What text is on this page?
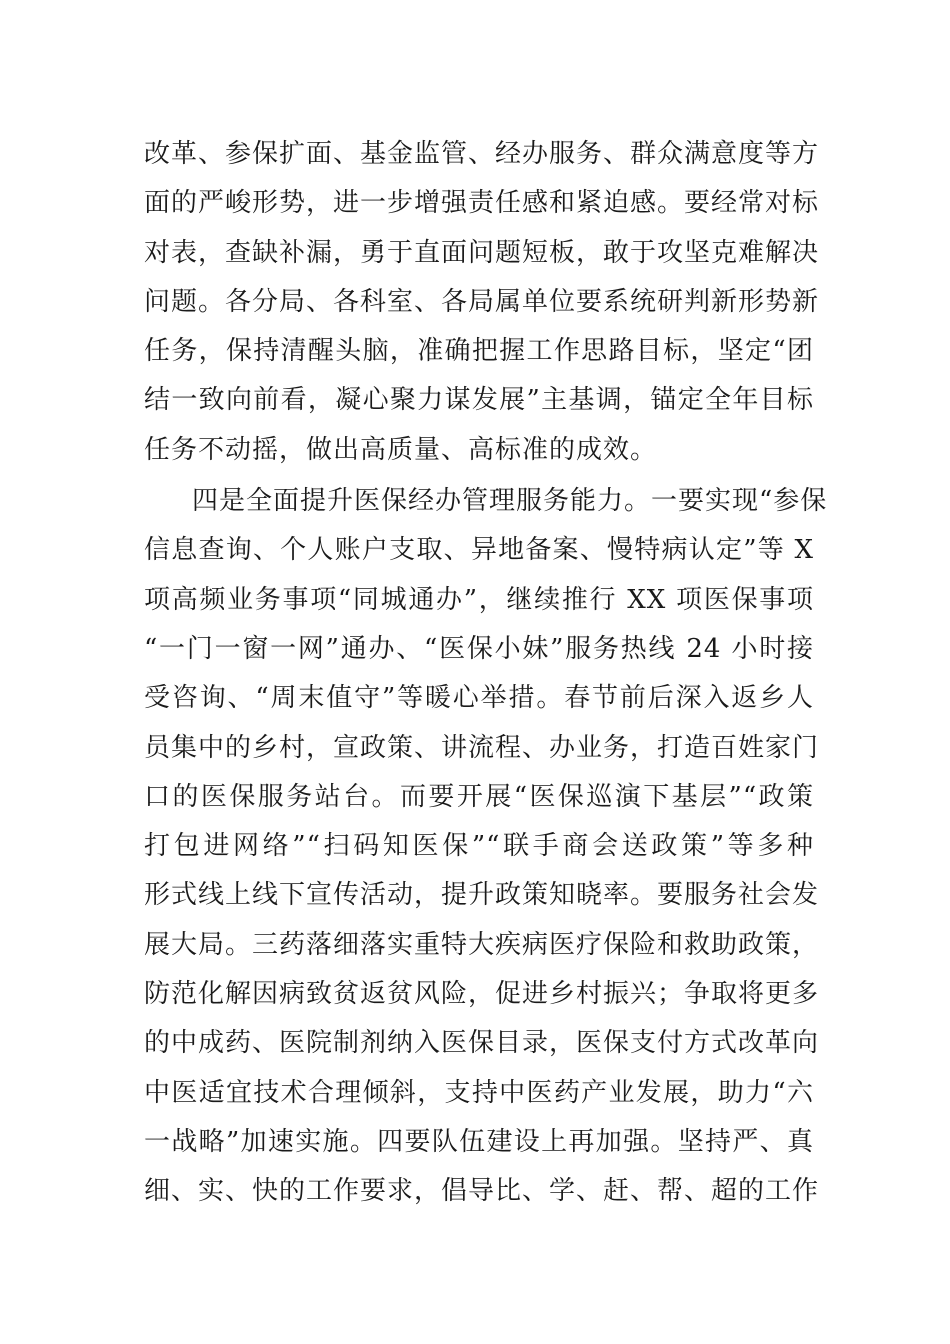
改革、参保扩面、基金监管、经办服务、群众满意度等方
面的严峻形势，进一步增强责任感和紧迫感。要经常对标
对表，查缺补漏，勇于直面问题短板，敢于攻坚克难解决
问题。各分局、各科室、各局属单位要系统研判新形势新
任务，保持清醒头脑，准确把握工作思路目标，坚定“团
结一致向前看，凝心聚力谋发展”主基调，锚定全年目标
任务不动摇，做出高质量、高标准的成效。
四是全面提升医保经办管理服务能力。一要实现“参保
信息查询、个人账户支取、异地备案、慢特病认定”等 X
项高频业务事项“同城通办”，继续推行 XX 项医保事项
“一门一窗一网”通办、“医保小妹”服务热线 24 小时接
受咨询、“周末值守”等暖心举措。春节前后深入返乡人
员集中的乡村，宣政策、讲流程、办业务，打造百姓家门
口的医保服务站台。而要开展“医保巡演下基层”“政策
打包进网络”“扫码知医保”“联手商会送政策”等多种
形式线上线下宣传活动，提升政策知晓率。要服务社会发
展大局。三药落细落实重特大疾病医疗保险和救助政策，
防范化解因病致贫返贫风险，促进乡村振兴；争取将更多
的中成药、医院制剂纳入医保目录，医保支付方式改革向
中医适宜技术合理倾斜，支持中医药产业发展，助力“六
一战略”加速实施。四要队伍建设上再加强。坚持严、真
细、实、快的工作要求，倡导比、学、赶、帮、超的工作
